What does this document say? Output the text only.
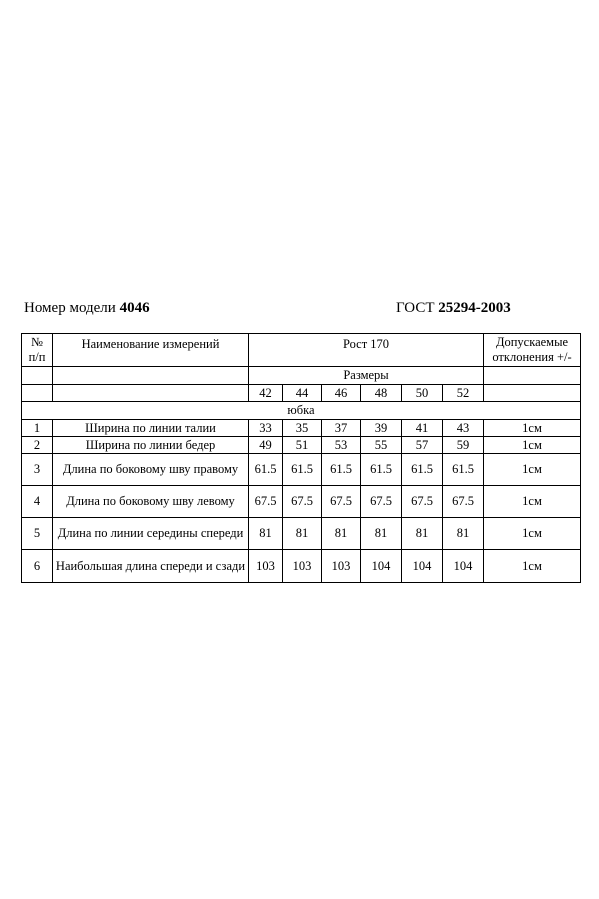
Номер модели 4046	ГОСТ 25294-2003
№
п/п	Наименование измерений	Рост 170						Допускаемые отклонения +/-
		Размеры						
		42	44	46	48	50	52	
юбка								
1	Ширина по линии талии	33	35	37	39	41	43	1см
2	Ширина по линии бедер	49	51	53	55	57	59	1см
3	Длина по боковому шву правому	61.5	61.5	61.5	61.5	61.5	61.5	1см
4	Длина по боковому шву левому	67.5	67.5	67.5	67.5	67.5	67.5	1см
5	Длина по линии середины спереди	81	81	81	81	81	81	1см
6	Наибольшая длина спереди и сзади	103	103	103	104	104	104	1см
